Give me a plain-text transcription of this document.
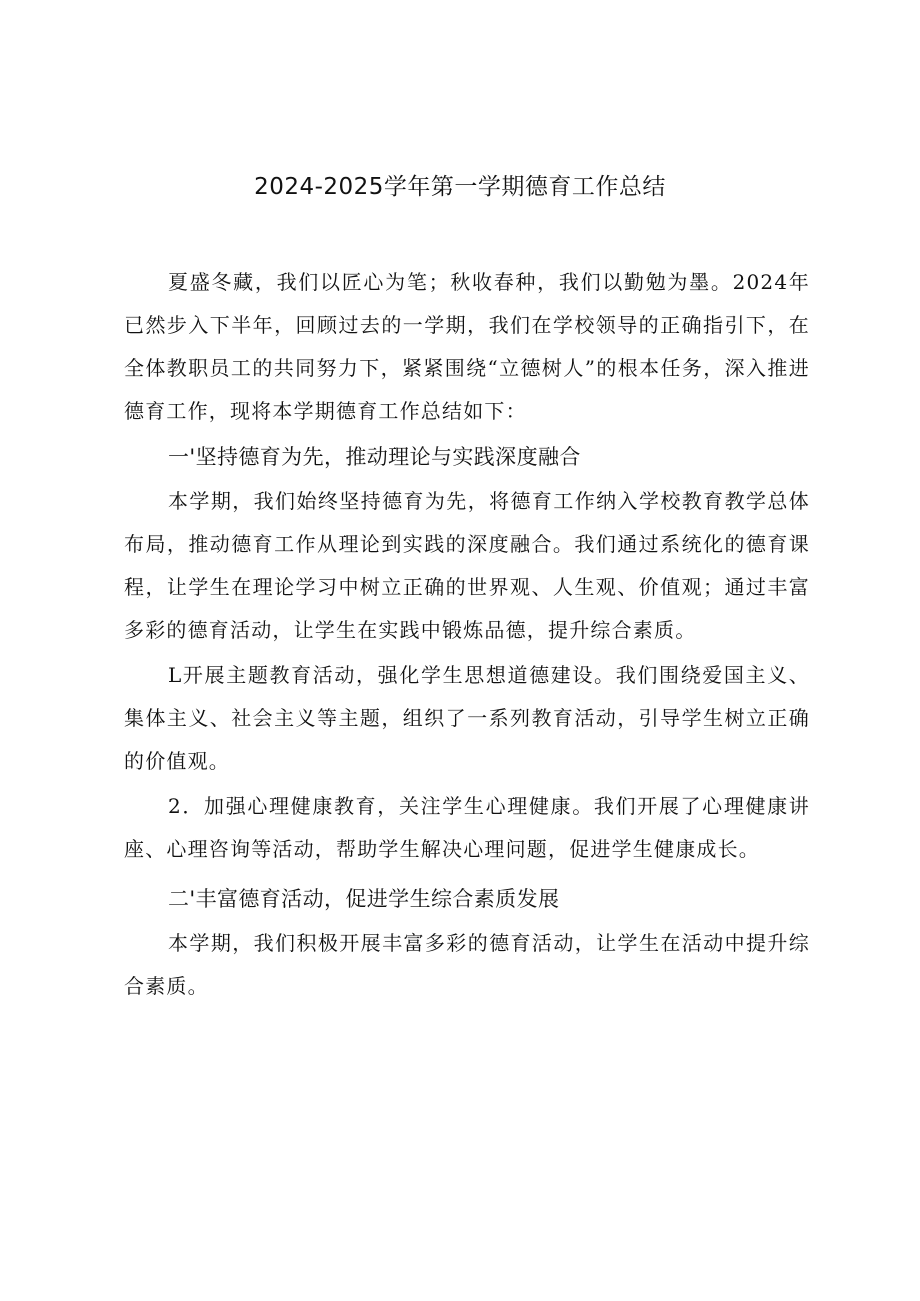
2024-2025学年第一学期德育工作总结

夏盛冬藏，我们以匠心为笔；秋收春种，我们以勤勉为墨。2024年已然步入下半年，回顾过去的一学期，我们在学校领导的正确指引下，在全体教职员工的共同努力下，紧紧围绕“立德树人”的根本任务，深入推进德育工作，现将本学期德育工作总结如下：

一'坚持德育为先，推动理论与实践深度融合

本学期，我们始终坚持德育为先，将德育工作纳入学校教育教学总体布局，推动德育工作从理论到实践的深度融合。我们通过系统化的德育课程，让学生在理论学习中树立正确的世界观、人生观、价值观；通过丰富多彩的德育活动，让学生在实践中锻炼品德，提升综合素质。

L开展主题教育活动，强化学生思想道德建设。我们围绕爱国主义、集体主义、社会主义等主题，组织了一系列教育活动，引导学生树立正确的价值观。

2．加强心理健康教育，关注学生心理健康。我们开展了心理健康讲座、心理咨询等活动，帮助学生解决心理问题，促进学生健康成长。

二'丰富德育活动，促进学生综合素质发展

本学期，我们积极开展丰富多彩的德育活动，让学生在活动中提升综合素质。
